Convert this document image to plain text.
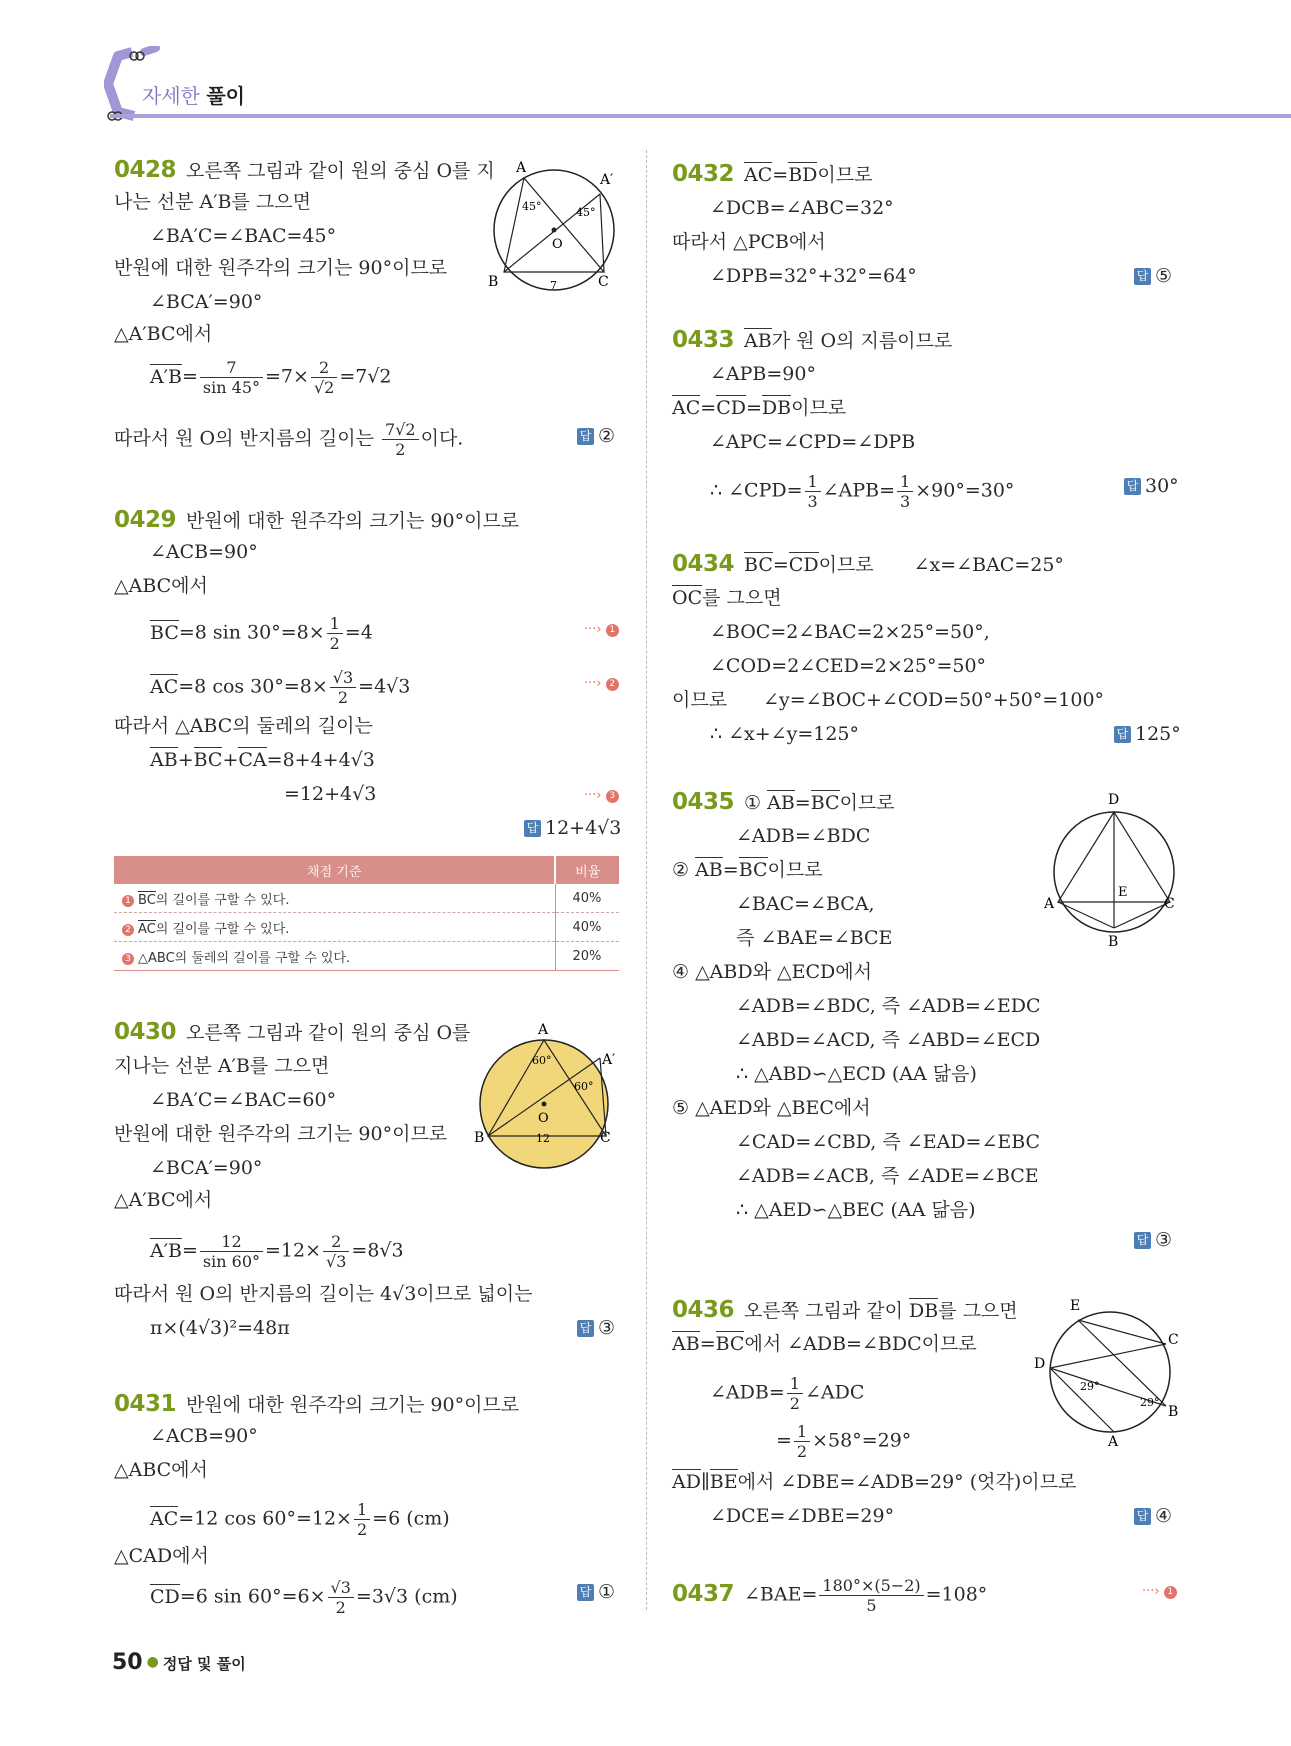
자세한 풀이
0428 오른쪽 그림과 같이 원의 중심 O를 지
나는 선분 A′B를 그으면
∠BA′C=∠BAC=45°
반원에 대한 원주각의 크기는 90°이므로
∠BCA′=90°
△A′BC에서
$A'B= \frac{7}{\sin 45^\circ} =7\times \frac{2}{√2} =7√2$
따라서 원 O의 반지름의 길이는 $\frac{7√2}{2}$ 이다.	답 ②
A
A′
B	C
O
45°	45°
7
0429 반원에 대한 원주각의 크기는 90°이므로
∠ACB=90°
△ABC에서
BC=8 $\sin 30^\circ=8\times \frac{1}{2} =4$
AC=8 $\cos 30^\circ=8\times \frac{√3}{2} =4√3$
따라서 △ABC의 둘레의 길이는
AB+BC+CA=8+4+4√3
=12+4√3
···› 1
···› 2
···› 3
답 12+4√3
채점 기준	비율
1 BC의 길이를 구할 수 있다.	40%
2 AC의 길이를 구할 수 있다.	40%
3 △ABC의 둘레의 길이를 구할 수 있다.	20%
0430 오른쪽 그림과 같이 원의 중심 O를
지나는 선분 A′B를 그으면
∠BA′C=∠BAC=60°
반원에 대한 원주각의 크기는 90°이므로
∠BCA′=90°
△A′BC에서
$A'B= \frac{12}{\sin 60^\circ} =12\times \frac{2}{√3} =8√3$
따라서 원 O의 반지름의 길이는 4√3이므로 넓이는
π×(4√3)²=48π	답 ③
A
A′
B	C
O
60°
60°
12
0431 반원에 대한 원주각의 크기는 90°이므로
∠ACB=90°
△ABC에서
AC=12 $\cos 60^\circ=12\times \frac{1}{2} =6$ (cm)
△CAD에서
CD=6 $\sin 60^\circ=6\times \frac{√3}{2} =3√3$ (cm)	답 ①
0432 AC=BD이므로
∠DCB=∠ABC=32°
따라서 △PCB에서
∠DPB=32°+32°=64°	답 ⑤
0433 AB가 원 O의 지름이므로
∠APB=90°
AC=CD=DB이므로
∠APC=∠CPD=∠DPB
∴ ∠CPD= $\frac{1}{3}$ ∠APB= $\frac{1}{3} \times 90^\circ=30^\circ$	답 30°
0434 BC=CD이므로 ∠x=∠BAC=25°
OC를 그으면
∠BOC=2∠BAC=2×25°=50°,
∠COD=2∠CED=2×25°=50°
이므로 ∠y=∠BOC+∠COD=50°+50°=100°
∴ ∠x+∠y=125°	답 125°
0435 ① AB=BC이므로
∠ADB=∠BDC
② AB=BC이므로
∠BAC=∠BCA,
즉 ∠BAE=∠BCE
④ △ABD와 △ECD에서
∠ADB=∠BDC, 즉 ∠ADB=∠EDC
∠ABD=∠ACD, 즉 ∠ABD=∠ECD
∴ △ABD∽△ECD (AA 닮음)
⑤ △AED와 △BEC에서
∠CAD=∠CBD, 즉 ∠EAD=∠EBC
∠ADB=∠ACB, 즉 ∠ADE=∠BCE
∴ △AED∽△BEC (AA 닮음)
답 ③
D
A	C
B
E
0436 오른쪽 그림과 같이 DB를 그으면
AB=BC에서 ∠ADB=∠BDC이므로
∠ADB= $\frac{1}{2}$ ∠ADC
= $\frac{1}{2} \times 58^\circ=29^\circ$
AD∥BE에서 ∠DBE=∠ADB=29° (엇각)이므로
∠DCE=∠DBE=29°	답 ④
E
C
D
B
A
29°
29°
0437 ∠BAE= $\frac{180^\circ\times(5-2)}{5} =108^\circ$	···› 1
50 ● 정답 및 풀이
